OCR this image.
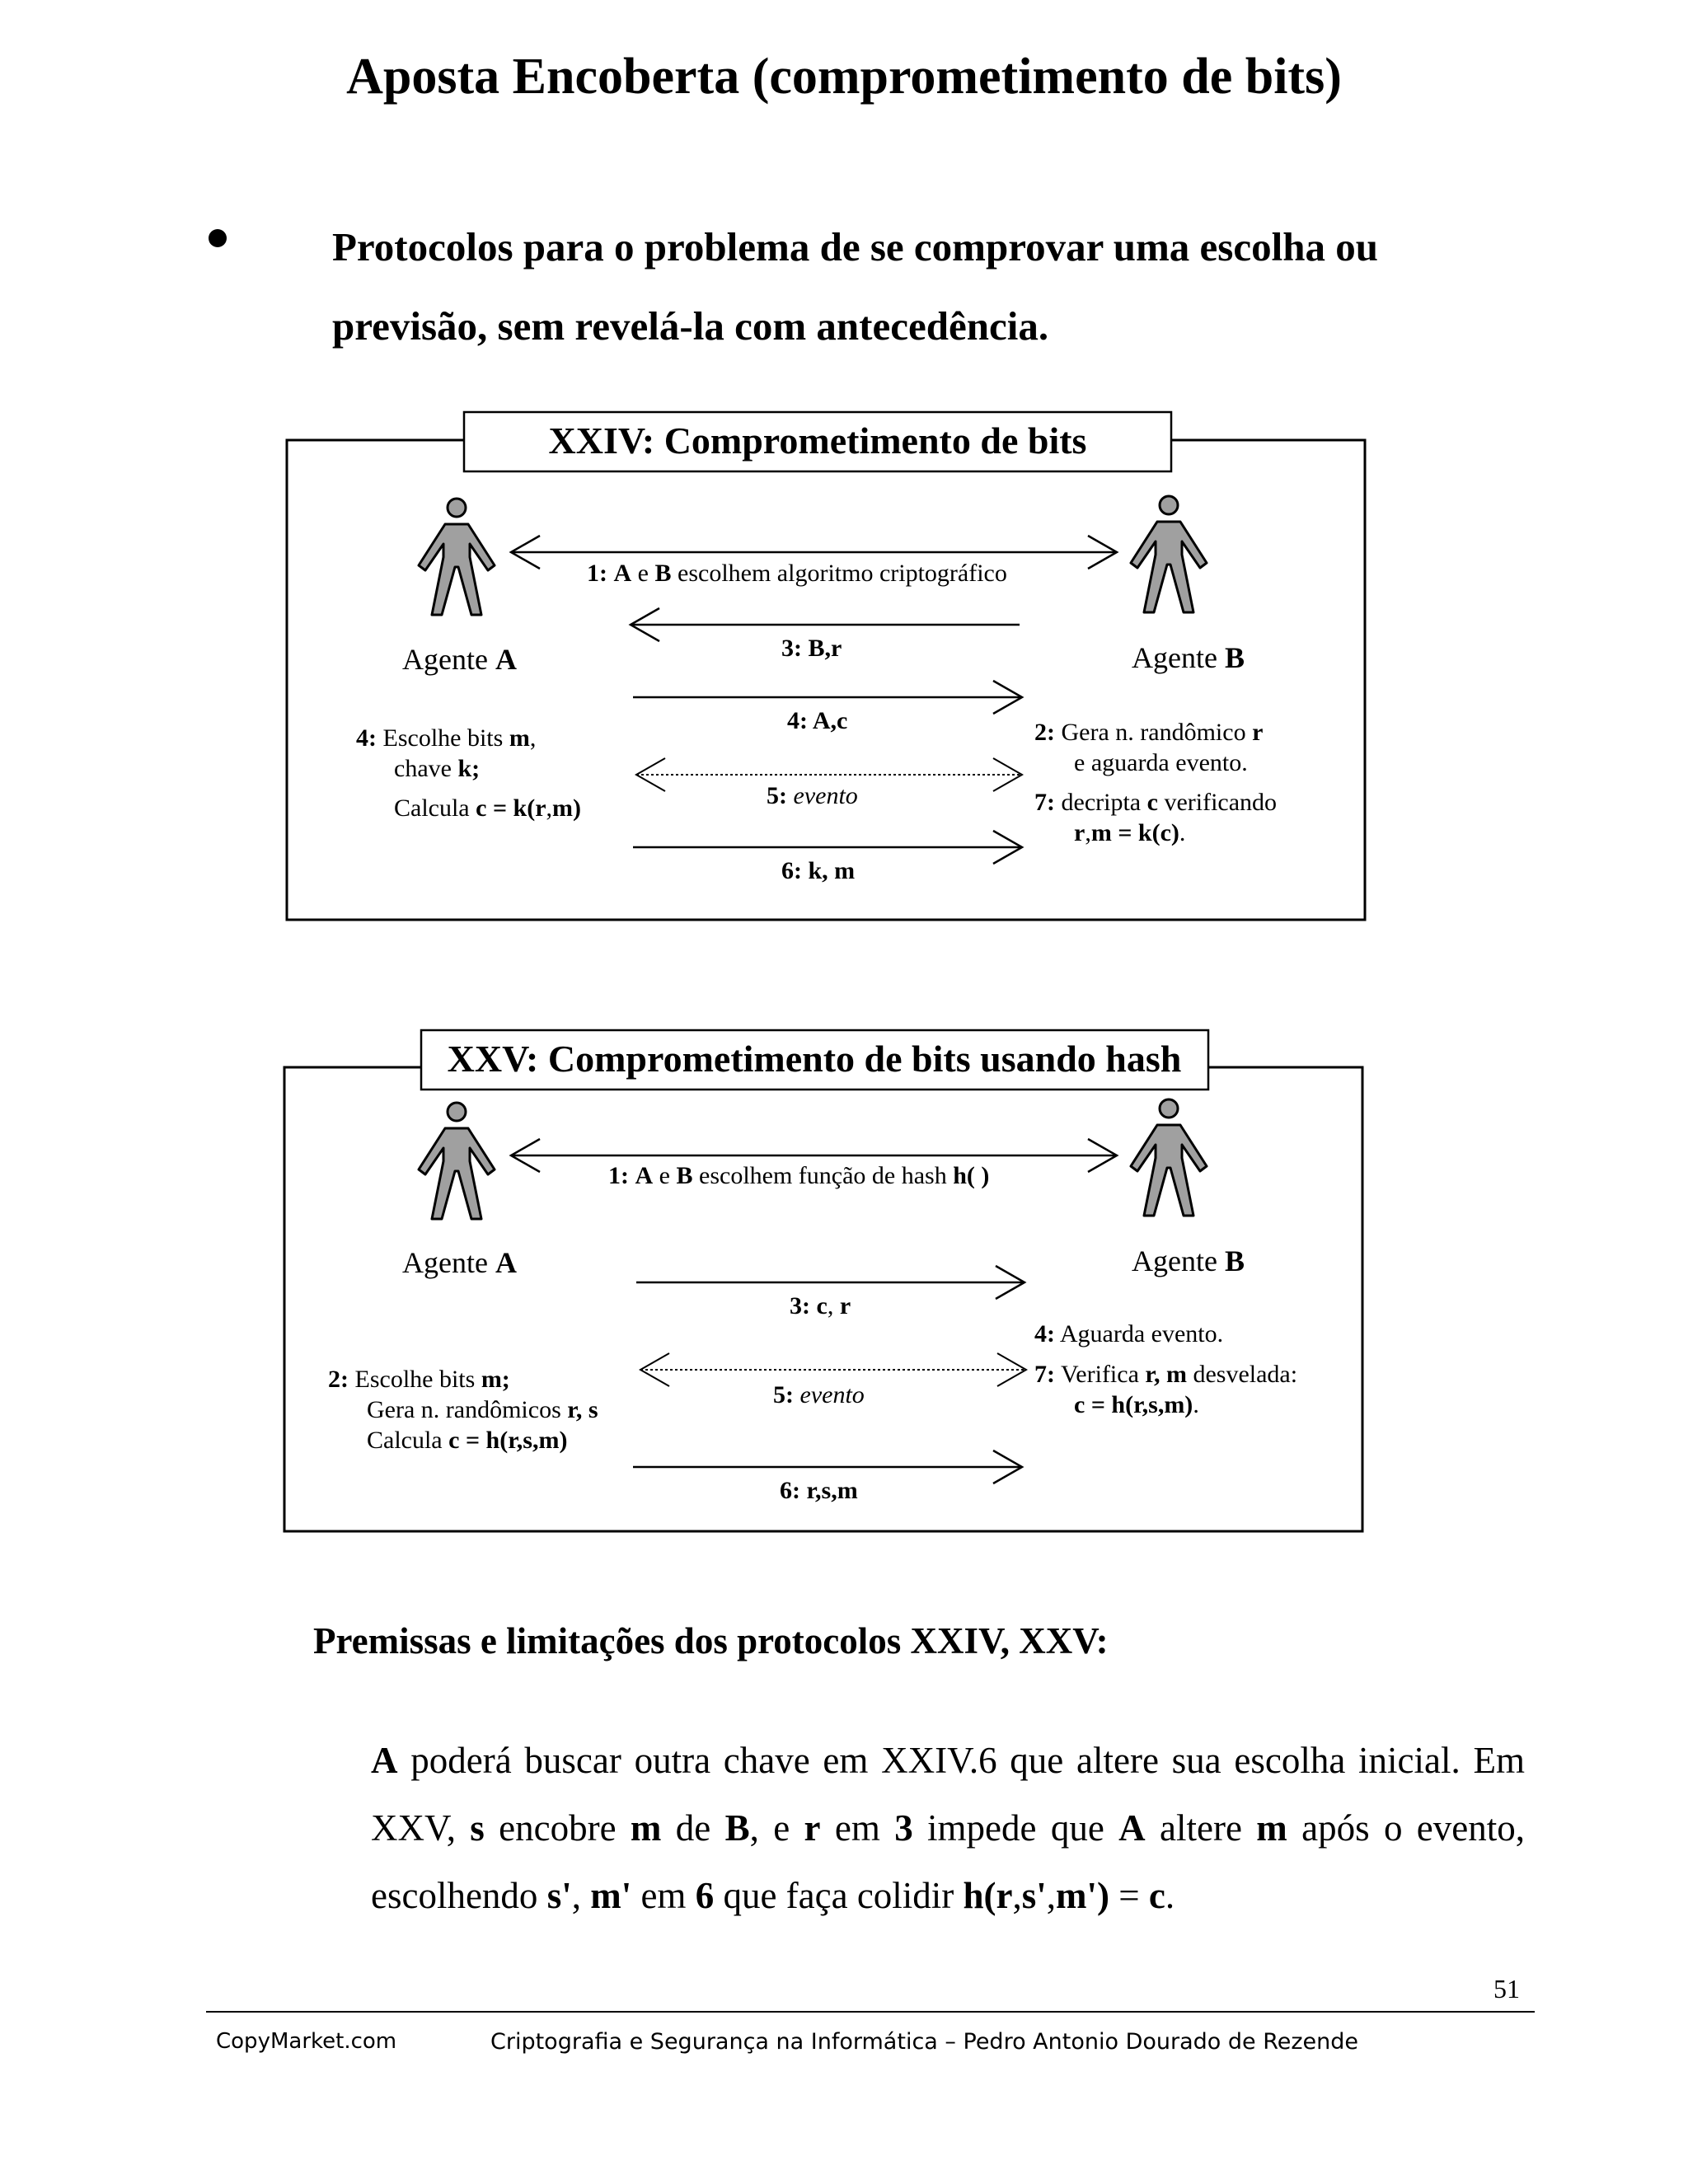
Aposta Encoberta (comprometimento de bits)
Protocolos para o problema de se comprovar uma escolha ou
previsão, sem revelá-la com antecedência.
XXIV: Comprometimento de bits
Agente A	Agente B
1: A e B escolhem algoritmo criptográfico
3: B,r
4: A,c
5: evento
6: k, m
4: Escolhe bits m,
chave k;
Calcula c = k(r,m)
2: Gera n. randômico r
e aguarda evento.
7: decripta c verificando
r,m = k(c).
XXV: Comprometimento de bits usando hash
Agente A	Agente B
1: A e B escolhem função de hash h( )
3: c, r
5: evento
6: r,s,m
2: Escolhe bits m;
Gera n. randômicos r, s
Calcula c = h(r,s,m)
4: Aguarda evento.
7: Verifica r, m desvelada:
c = h(r,s,m).
Premissas e limitações dos protocolos XXIV, XXV:
A poderá buscar outra chave em XXIV.6 que altere sua escolha inicial. Em
XXV, s encobre m de B, e r em 3 impede que A altere m após o evento,
escolhendo s', m' em 6 que faça colidir h(r,s',m') = c.
51
CopyMarket.com	Criptografia e Segurança na Informática – Pedro Antonio Dourado de Rezende
